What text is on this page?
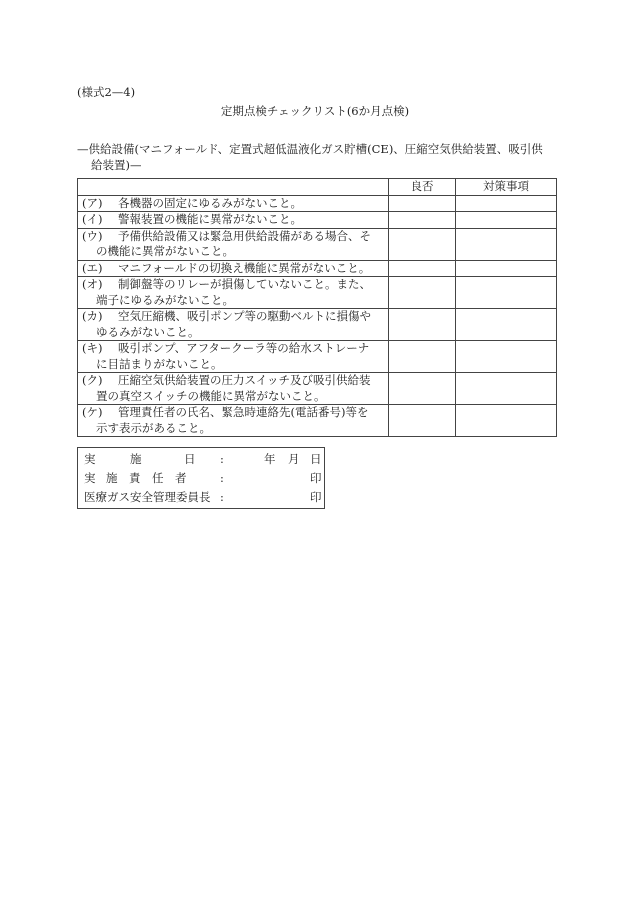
(様式2—4)
定期点検チェックリスト(6か月点検)
—供給設備(マニフォールド、定置式超低温液化ガス貯槽(CE)、圧縮空気供給装置、吸引供
給装置)—
	良否	対策事項
(ア) 各機器の固定にゆるみがないこと。		
(イ) 警報装置の機能に異常がないこと。		
(ウ) 予備供給設備又は緊急用供給設備がある場合、そ
の機能に異常がないこと。		

(エ) マニフォールドの切換え機能に異常がないこと。		
(オ) 制御盤等のリレーが損傷していないこと。また、
端子にゆるみがないこと。		

(カ) 空気圧縮機、吸引ポンプ等の駆動ベルトに損傷や
ゆるみがないこと。		

(キ) 吸引ポンプ、アフタークーラ等の給水ストレーナ
に目詰まりがないこと。		

(ク) 圧縮空気供給装置の圧力スイッチ及び吸引供給装
置の真空スイッチの機能に異常がないこと。		

(ケ) 管理責任者の氏名、緊急時連絡先(電話番号)等を
示す表示があること。		

実	施	日 :	年 月 日
実 施 責 任 者	:	印
医療ガス安全管理委員長 :	印
